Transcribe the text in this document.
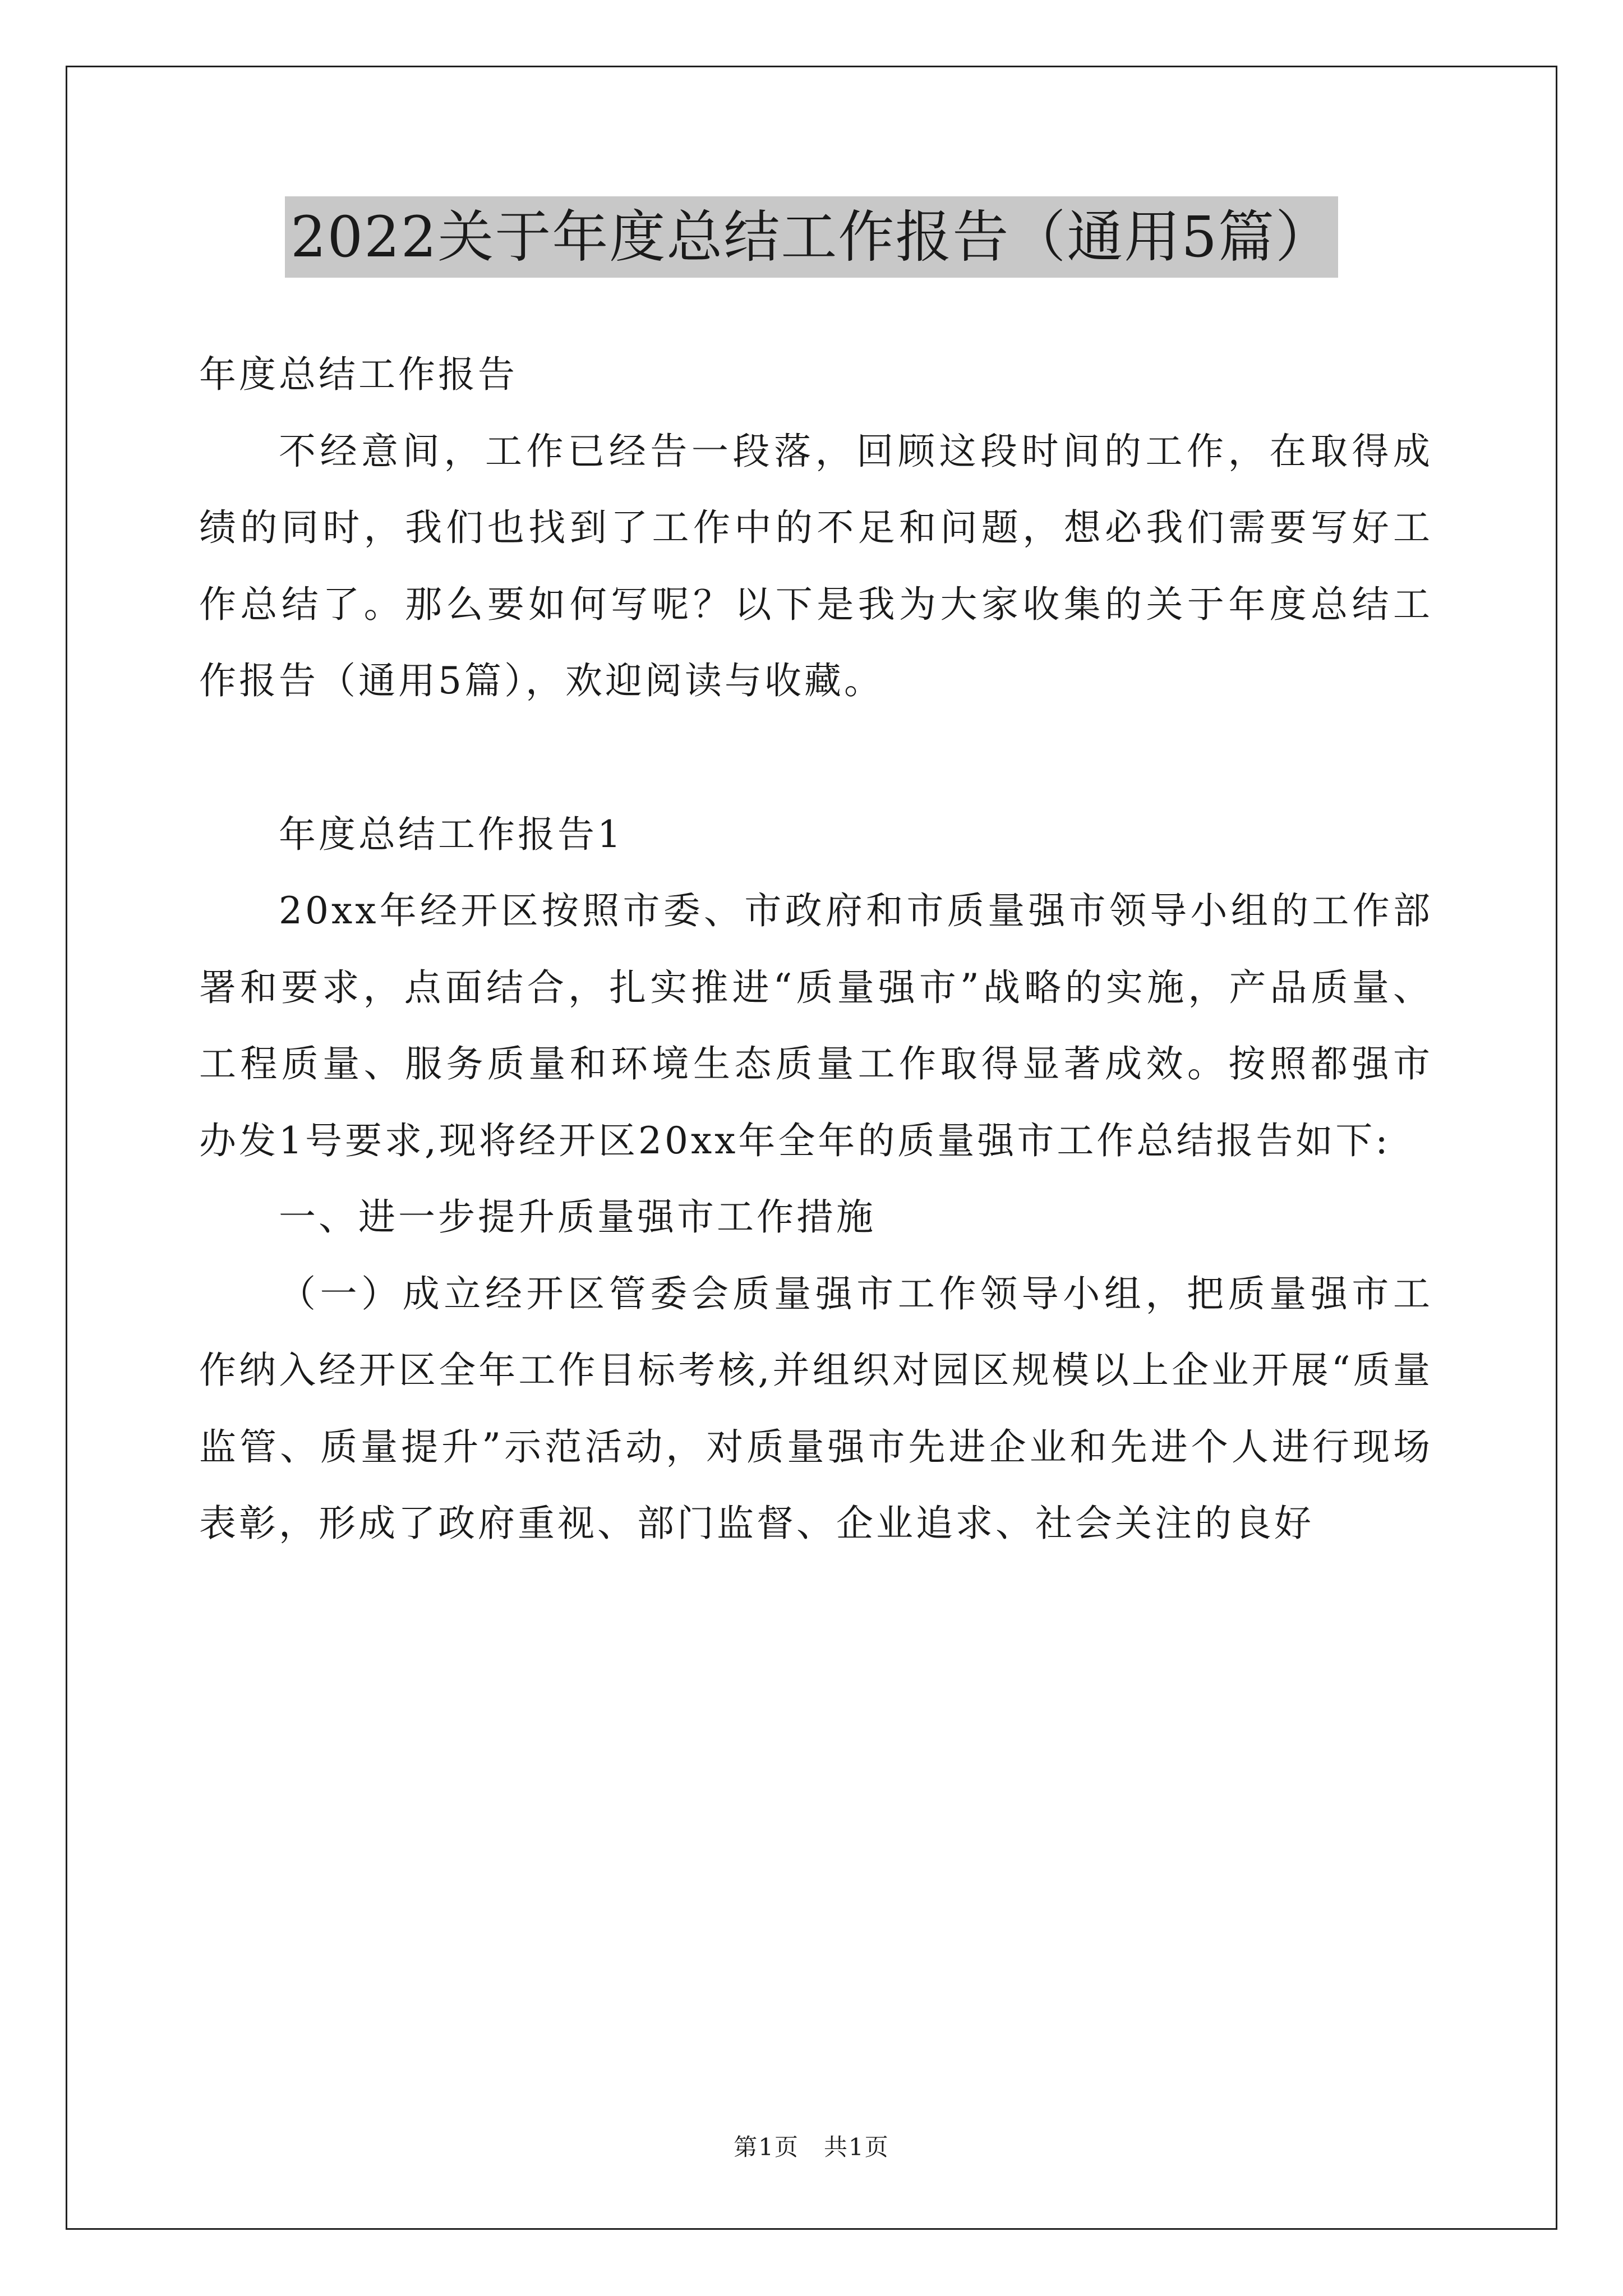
2022关于年度总结工作报告（通用5篇）

年度总结工作报告

不经意间，工作已经告一段落，回顾这段时间的工作，在取得成绩的同时，我们也找到了工作中的不足和问题，想必我们需要写好工作总结了。那么要如何写呢？以下是我为大家收集的关于年度总结工作报告（通用5篇），欢迎阅读与收藏。

年度总结工作报告1

20xx年经开区按照市委、市政府和市质量强市领导小组的工作部署和要求，点面结合，扎实推进“质量强市”战略的实施，产品质量、工程质量、服务质量和环境生态质量工作取得显著成效。按照都强市办发1号要求,现将经开区20xx年全年的质量强市工作总结报告如下:

一、进一步提升质量强市工作措施

（一）成立经开区管委会质量强市工作领导小组，把质量强市工作纳入经开区全年工作目标考核,并组织对园区规模以上企业开展“质量监管、质量提升”示范活动，对质量强市先进企业和先进个人进行现场表彰，形成了政府重视、部门监督、企业追求、社会关注的良好

第1页　共1页
